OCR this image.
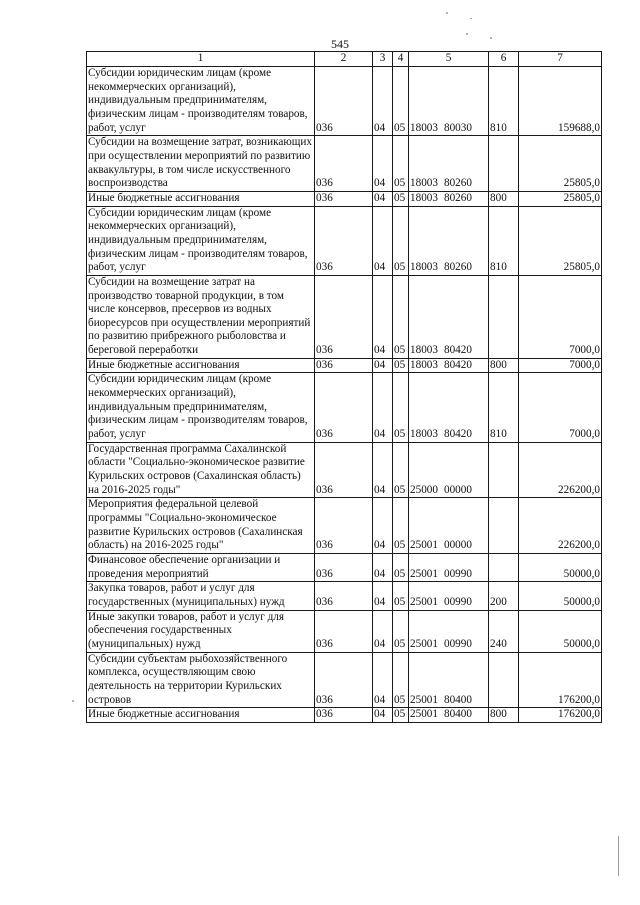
545
1	2	3	4	5	6	7
Субсидии юридическим лицам (кроме некоммерческих организаций), индивидуальным предпринимателям, физическим лицам - производителям товаров, работ, услуг	036	04	05	18003 80030	810	159688,0
Субсидии на возмещение затрат, возникающих при осуществлении мероприятий по развитию аквакультуры, в том числе искусственного воспроизводства	036	04	05	18003 80260		25805,0
Иные бюджетные ассигнования	036	04	05	18003 80260	800	25805,0
Субсидии юридическим лицам (кроме некоммерческих организаций), индивидуальным предпринимателям, физическим лицам - производителям товаров, работ, услуг	036	04	05	18003 80260	810	25805,0
Субсидии на возмещение затрат на производство товарной продукции, в том числе консервов, пресервов из водных биоресурсов при осуществлении мероприятий по развитию прибрежного рыболовства и береговой переработки	036	04	05	18003 80420		7000,0
Иные бюджетные ассигнования	036	04	05	18003 80420	800	7000,0
Субсидии юридическим лицам (кроме некоммерческих организаций), индивидуальным предпринимателям, физическим лицам - производителям товаров, работ, услуг	036	04	05	18003 80420	810	7000,0
Государственная программа Сахалинской области "Социально-экономическое развитие Курильских островов (Сахалинская область) на 2016-2025 годы"	036	04	05	25000 00000		226200,0
Мероприятия федеральной целевой программы "Социально-экономическое развитие Курильских островов (Сахалинская область) на 2016-2025 годы"	036	04	05	25001 00000		226200,0
Финансовое обеспечение организации и проведения мероприятий	036	04	05	25001 00990		50000,0
Закупка товаров, работ и услуг для государственных (муниципальных) нужд	036	04	05	25001 00990	200	50000,0
Иные закупки товаров, работ и услуг для обеспечения государственных (муниципальных) нужд	036	04	05	25001 00990	240	50000,0
Субсидии субъектам рыбохозяйственного комплекса, осуществляющим свою деятельность на территории Курильских островов	036	04	05	25001 80400		176200,0
Иные бюджетные ассигнования	036	04	05	25001 80400	800	176200,0
